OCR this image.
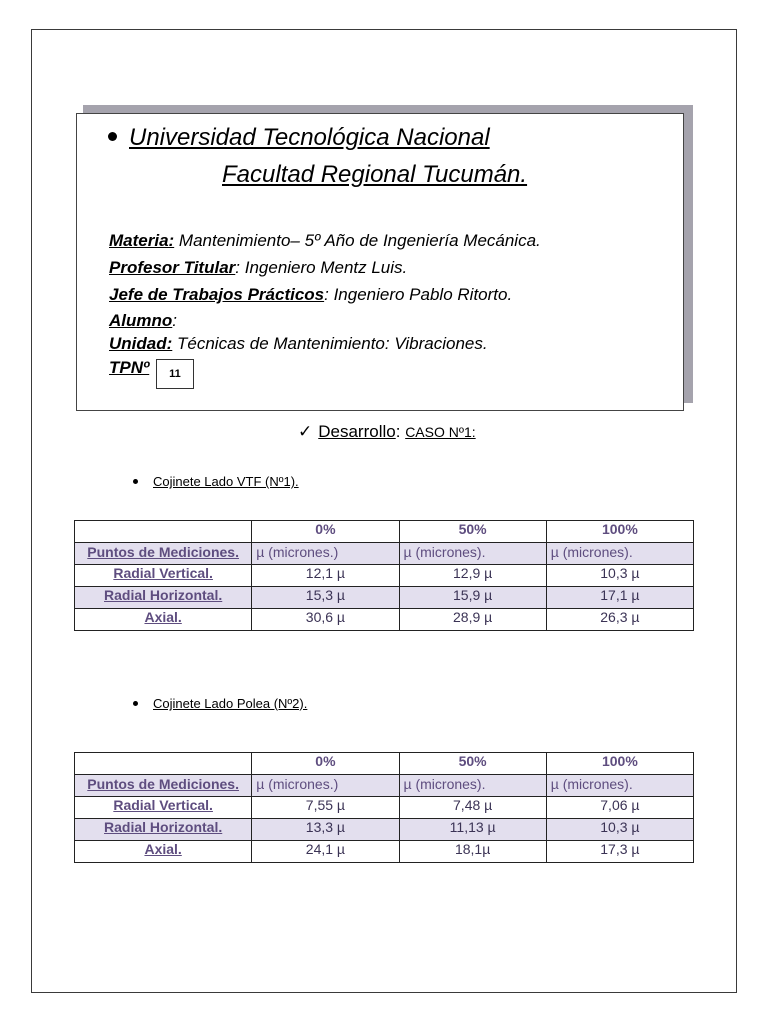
Universidad Tecnológica Nacional
Facultad Regional Tucumán.
Materia: Mantenimiento– 5º Año de Ingeniería Mecánica.
Profesor Titular: Ingeniero Mentz Luis.
Jefe de Trabajos Prácticos: Ingeniero Pablo Ritorto.
Alumno:
Unidad: Técnicas de Mantenimiento: Vibraciones.
TPNº	11
✓ Desarrollo: CASO Nº1:
Cojinete Lado VTF (Nº1).
	0%	50%	100%
Puntos de Mediciones.	µ (micrones.)	µ (micrones).	µ (micrones).
Radial Vertical.	12,1 µ	12,9 µ	10,3 µ
Radial Horizontal.	15,3 µ	15,9 µ	17,1 µ
Axial.	30,6 µ	28,9 µ	26,3 µ
Cojinete Lado Polea (Nº2).
	0%	50%	100%
Puntos de Mediciones.	µ (micrones.)	µ (micrones).	µ (micrones).
Radial Vertical.	7,55 µ	7,48 µ	7,06 µ
Radial Horizontal.	13,3 µ	11,13 µ	10,3 µ
Axial.	24,1 µ	18,1µ	17,3 µ
